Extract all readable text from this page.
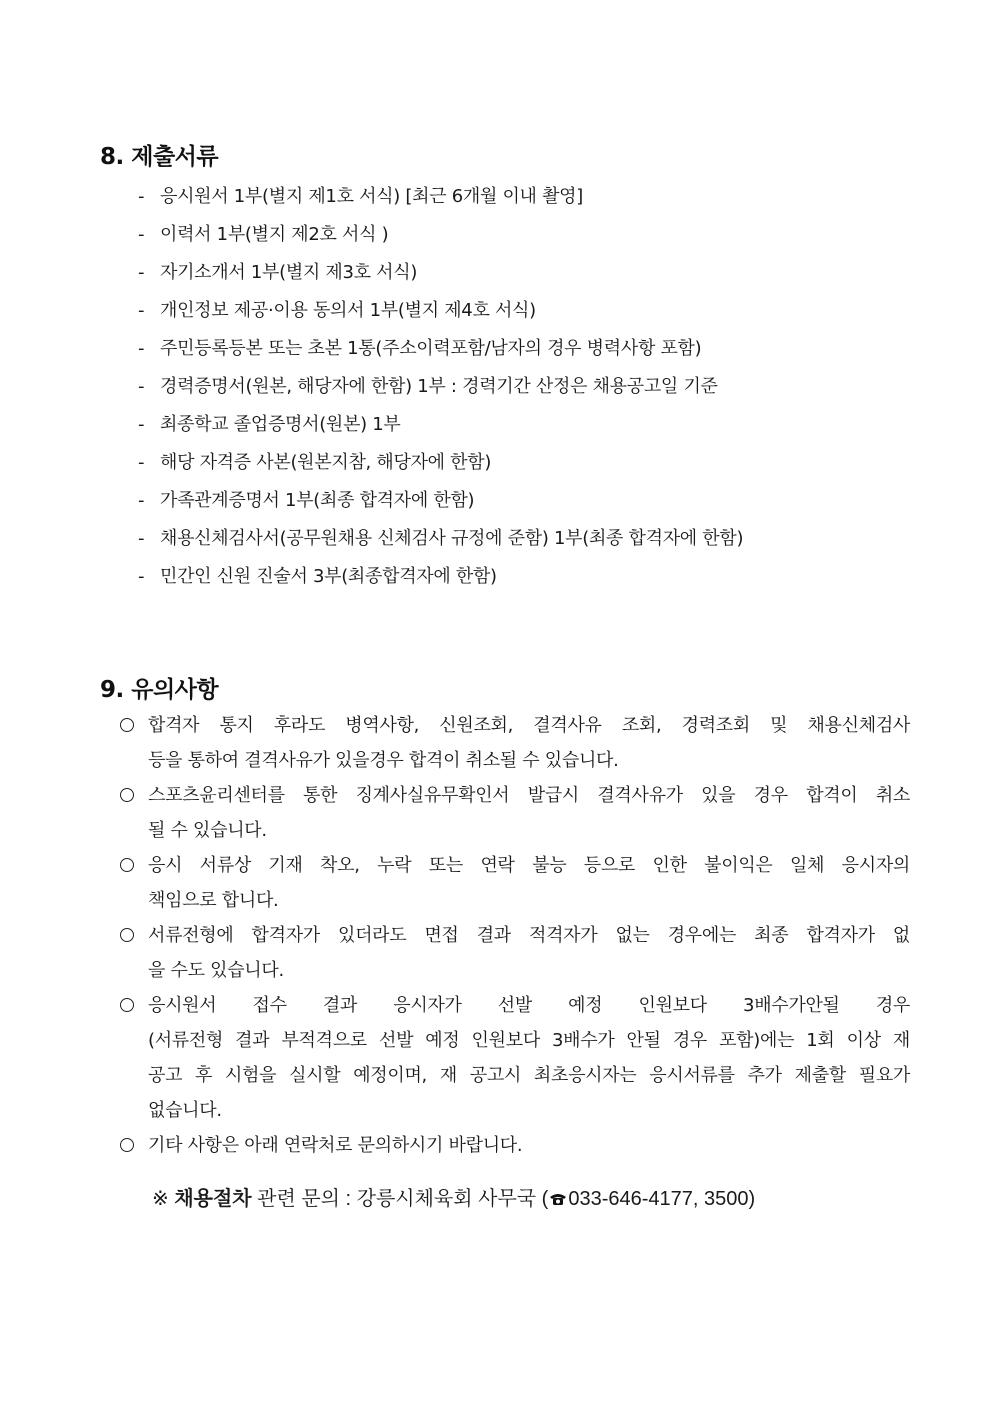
8. 제출서류
- 응시원서 1부(별지 제1호 서식) [최근 6개월 이내 촬영]
- 이력서 1부(별지 제2호 서식 )
- 자기소개서 1부(별지 제3호 서식)
- 개인정보 제공·이용 동의서 1부(별지 제4호 서식)
- 주민등록등본 또는 초본 1통(주소이력포함/남자의 경우 병력사항 포함)
- 경력증명서(원본, 해당자에 한함) 1부 : 경력기간 산정은 채용공고일 기준
- 최종학교 졸업증명서(원본) 1부
- 해당 자격증 사본(원본지참, 해당자에 한함)
- 가족관계증명서 1부(최종 합격자에 한함)
- 채용신체검사서(공무원채용 신체검사 규정에 준함) 1부(최종 합격자에 한함)
- 민간인 신원 진술서 3부(최종합격자에 한함)
9. 유의사항
합격자 통지 후라도 병역사항, 신원조회, 결격사유 조회, 경력조회 및 채용신체검사
등을 통하여 결격사유가 있을경우 합격이 취소될 수 있습니다.
스포츠윤리센터를 통한 징계사실유무확인서 발급시 결격사유가 있을 경우 합격이 취소
될 수 있습니다.
응시 서류상 기재 착오, 누락 또는 연락 불능 등으로 인한 불이익은 일체 응시자의
책임으로 합니다.
서류전형에 합격자가 있더라도 면접 결과 적격자가 없는 경우에는 최종 합격자가 없
을 수도 있습니다.
응시원서 접수 결과 응시자가 선발 예정 인원보다 3배수가안될 경우
(서류전형 결과 부적격으로 선발 예정 인원보다 3배수가 안될 경우 포함)에는 1회 이상 재
공고 후 시험을 실시할 예정이며, 재 공고시 최초응시자는 응시서류를 추가 제출할 필요가
없습니다.
기타 사항은 아래 연락처로 문의하시기 바랍니다.
※ 채용절차 관련 문의 : 강릉시체육회 사무국 ( 033-646-4177, 3500)
